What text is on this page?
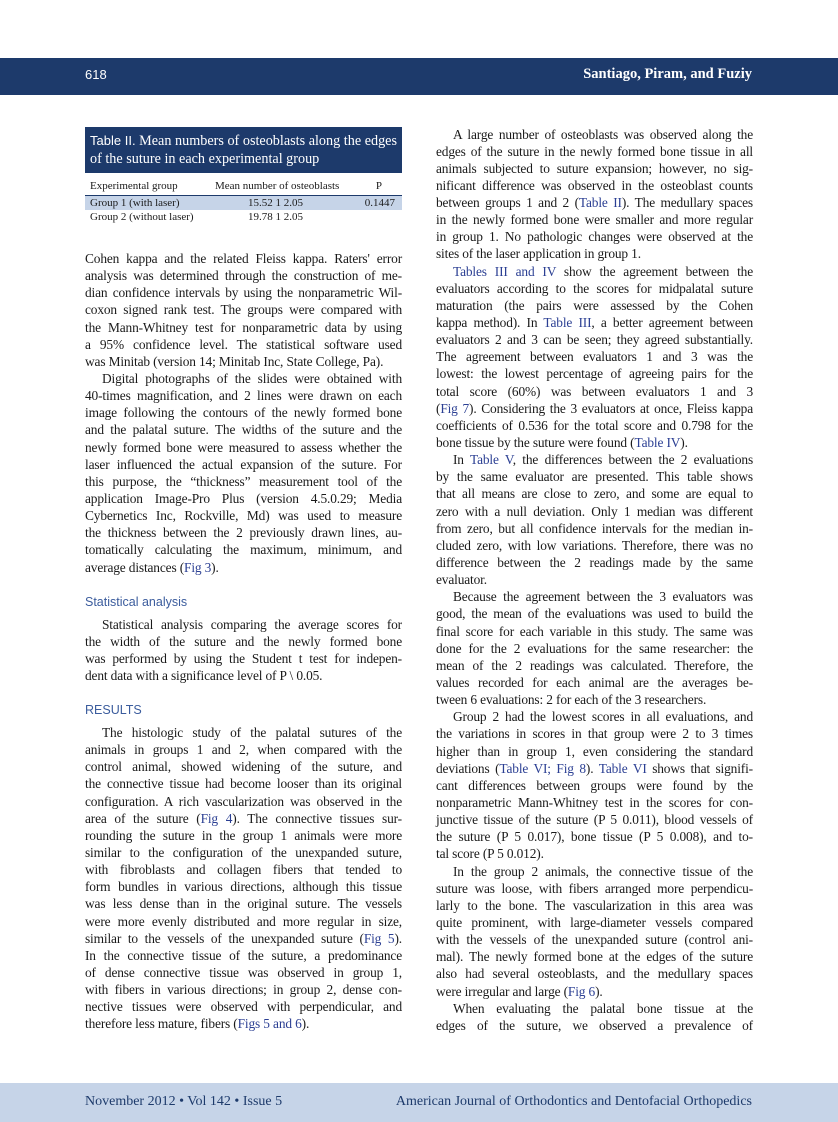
618	Santiago, Piram, and Fuziy
Table II. Mean numbers of osteoblasts along the edges of the suture in each experimental group
Experimental group	Mean number of osteoblasts	P
Group 1 (with laser)	15.52 1 2.05	0.1447
Group 2 (without laser)	19.78 1 2.05
Cohen kappa and the related Fleiss kappa. Raters' error
analysis was determined through the construction of me-
dian confidence intervals by using the nonparametric Wil-
coxon signed rank test. The groups were compared with
the Mann-Whitney test for nonparametric data by using
a 95% confidence level. The statistical software used
was Minitab (version 14; Minitab Inc, State College, Pa).
Digital photographs of the slides were obtained with
40-times magnification, and 2 lines were drawn on each
image following the contours of the newly formed bone
and the palatal suture. The widths of the suture and the
newly formed bone were measured to assess whether the
laser influenced the actual expansion of the suture. For
this purpose, the “thickness” measurement tool of the
application Image-Pro Plus (version 4.5.0.29; Media
Cybernetics Inc, Rockville, Md) was used to measure
the thickness between the 2 previously drawn lines, au-
tomatically calculating the maximum, minimum, and
average distances (Fig 3).
Statistical analysis
Statistical analysis comparing the average scores for
the width of the suture and the newly formed bone
was performed by using the Student t test for indepen-
dent data with a significance level of P \ 0.05.
RESULTS
The histologic study of the palatal sutures of the
animals in groups 1 and 2, when compared with the
control animal, showed widening of the suture, and
the connective tissue had become looser than its original
configuration. A rich vascularization was observed in the
area of the suture (Fig 4). The connective tissues sur-
rounding the suture in the group 1 animals were more
similar to the configuration of the unexpanded suture,
with fibroblasts and collagen fibers that tended to
form bundles in various directions, although this tissue
was less dense than in the original suture. The vessels
were more evenly distributed and more regular in size,
similar to the vessels of the unexpanded suture (Fig 5).
In the connective tissue of the suture, a predominance
of dense connective tissue was observed in group 1,
with fibers in various directions; in group 2, dense con-
nective tissues were observed with perpendicular, and
therefore less mature, fibers (Figs 5 and 6).
A large number of osteoblasts was observed along the
edges of the suture in the newly formed bone tissue in all
animals subjected to suture expansion; however, no sig-
nificant difference was observed in the osteoblast counts
between groups 1 and 2 (Table II). The medullary spaces
in the newly formed bone were smaller and more regular
in group 1. No pathologic changes were observed at the
sites of the laser application in group 1.
Tables III and IV show the agreement between the
evaluators according to the scores for midpalatal suture
maturation (the pairs were assessed by the Cohen
kappa method). In Table III, a better agreement between
evaluators 2 and 3 can be seen; they agreed substantially.
The agreement between evaluators 1 and 3 was the
lowest: the lowest percentage of agreeing pairs for the
total score (60%) was between evaluators 1 and 3
(Fig 7). Considering the 3 evaluators at once, Fleiss kappa
coefficients of 0.536 for the total score and 0.798 for the
bone tissue by the suture were found (Table IV).
In Table V, the differences between the 2 evaluations
by the same evaluator are presented. This table shows
that all means are close to zero, and some are equal to
zero with a null deviation. Only 1 median was different
from zero, but all confidence intervals for the median in-
cluded zero, with low variations. Therefore, there was no
difference between the 2 readings made by the same
evaluator.
Because the agreement between the 3 evaluators was
good, the mean of the evaluations was used to build the
final score for each variable in this study. The same was
done for the 2 evaluations for the same researcher: the
mean of the 2 readings was calculated. Therefore, the
values recorded for each animal are the averages be-
tween 6 evaluations: 2 for each of the 3 researchers.
Group 2 had the lowest scores in all evaluations, and
the variations in scores in that group were 2 to 3 times
higher than in group 1, even considering the standard
deviations (Table VI; Fig 8). Table VI shows that signifi-
cant differences between groups were found by the
nonparametric Mann-Whitney test in the scores for con-
junctive tissue of the suture (P 5 0.011), blood vessels of
the suture (P 5 0.017), bone tissue (P 5 0.008), and to-
tal score (P 5 0.012).
In the group 2 animals, the connective tissue of the
suture was loose, with fibers arranged more perpendicu-
larly to the bone. The vascularization in this area was
quite prominent, with large-diameter vessels compared
with the vessels of the unexpanded suture (control ani-
mal). The newly formed bone at the edges of the suture
also had several osteoblasts, and the medullary spaces
were irregular and large (Fig 6).
When evaluating the palatal bone tissue at the
edges of the suture, we observed a prevalence of
November 2012 • Vol 142 • Issue 5	American Journal of Orthodontics and Dentofacial Orthopedics
